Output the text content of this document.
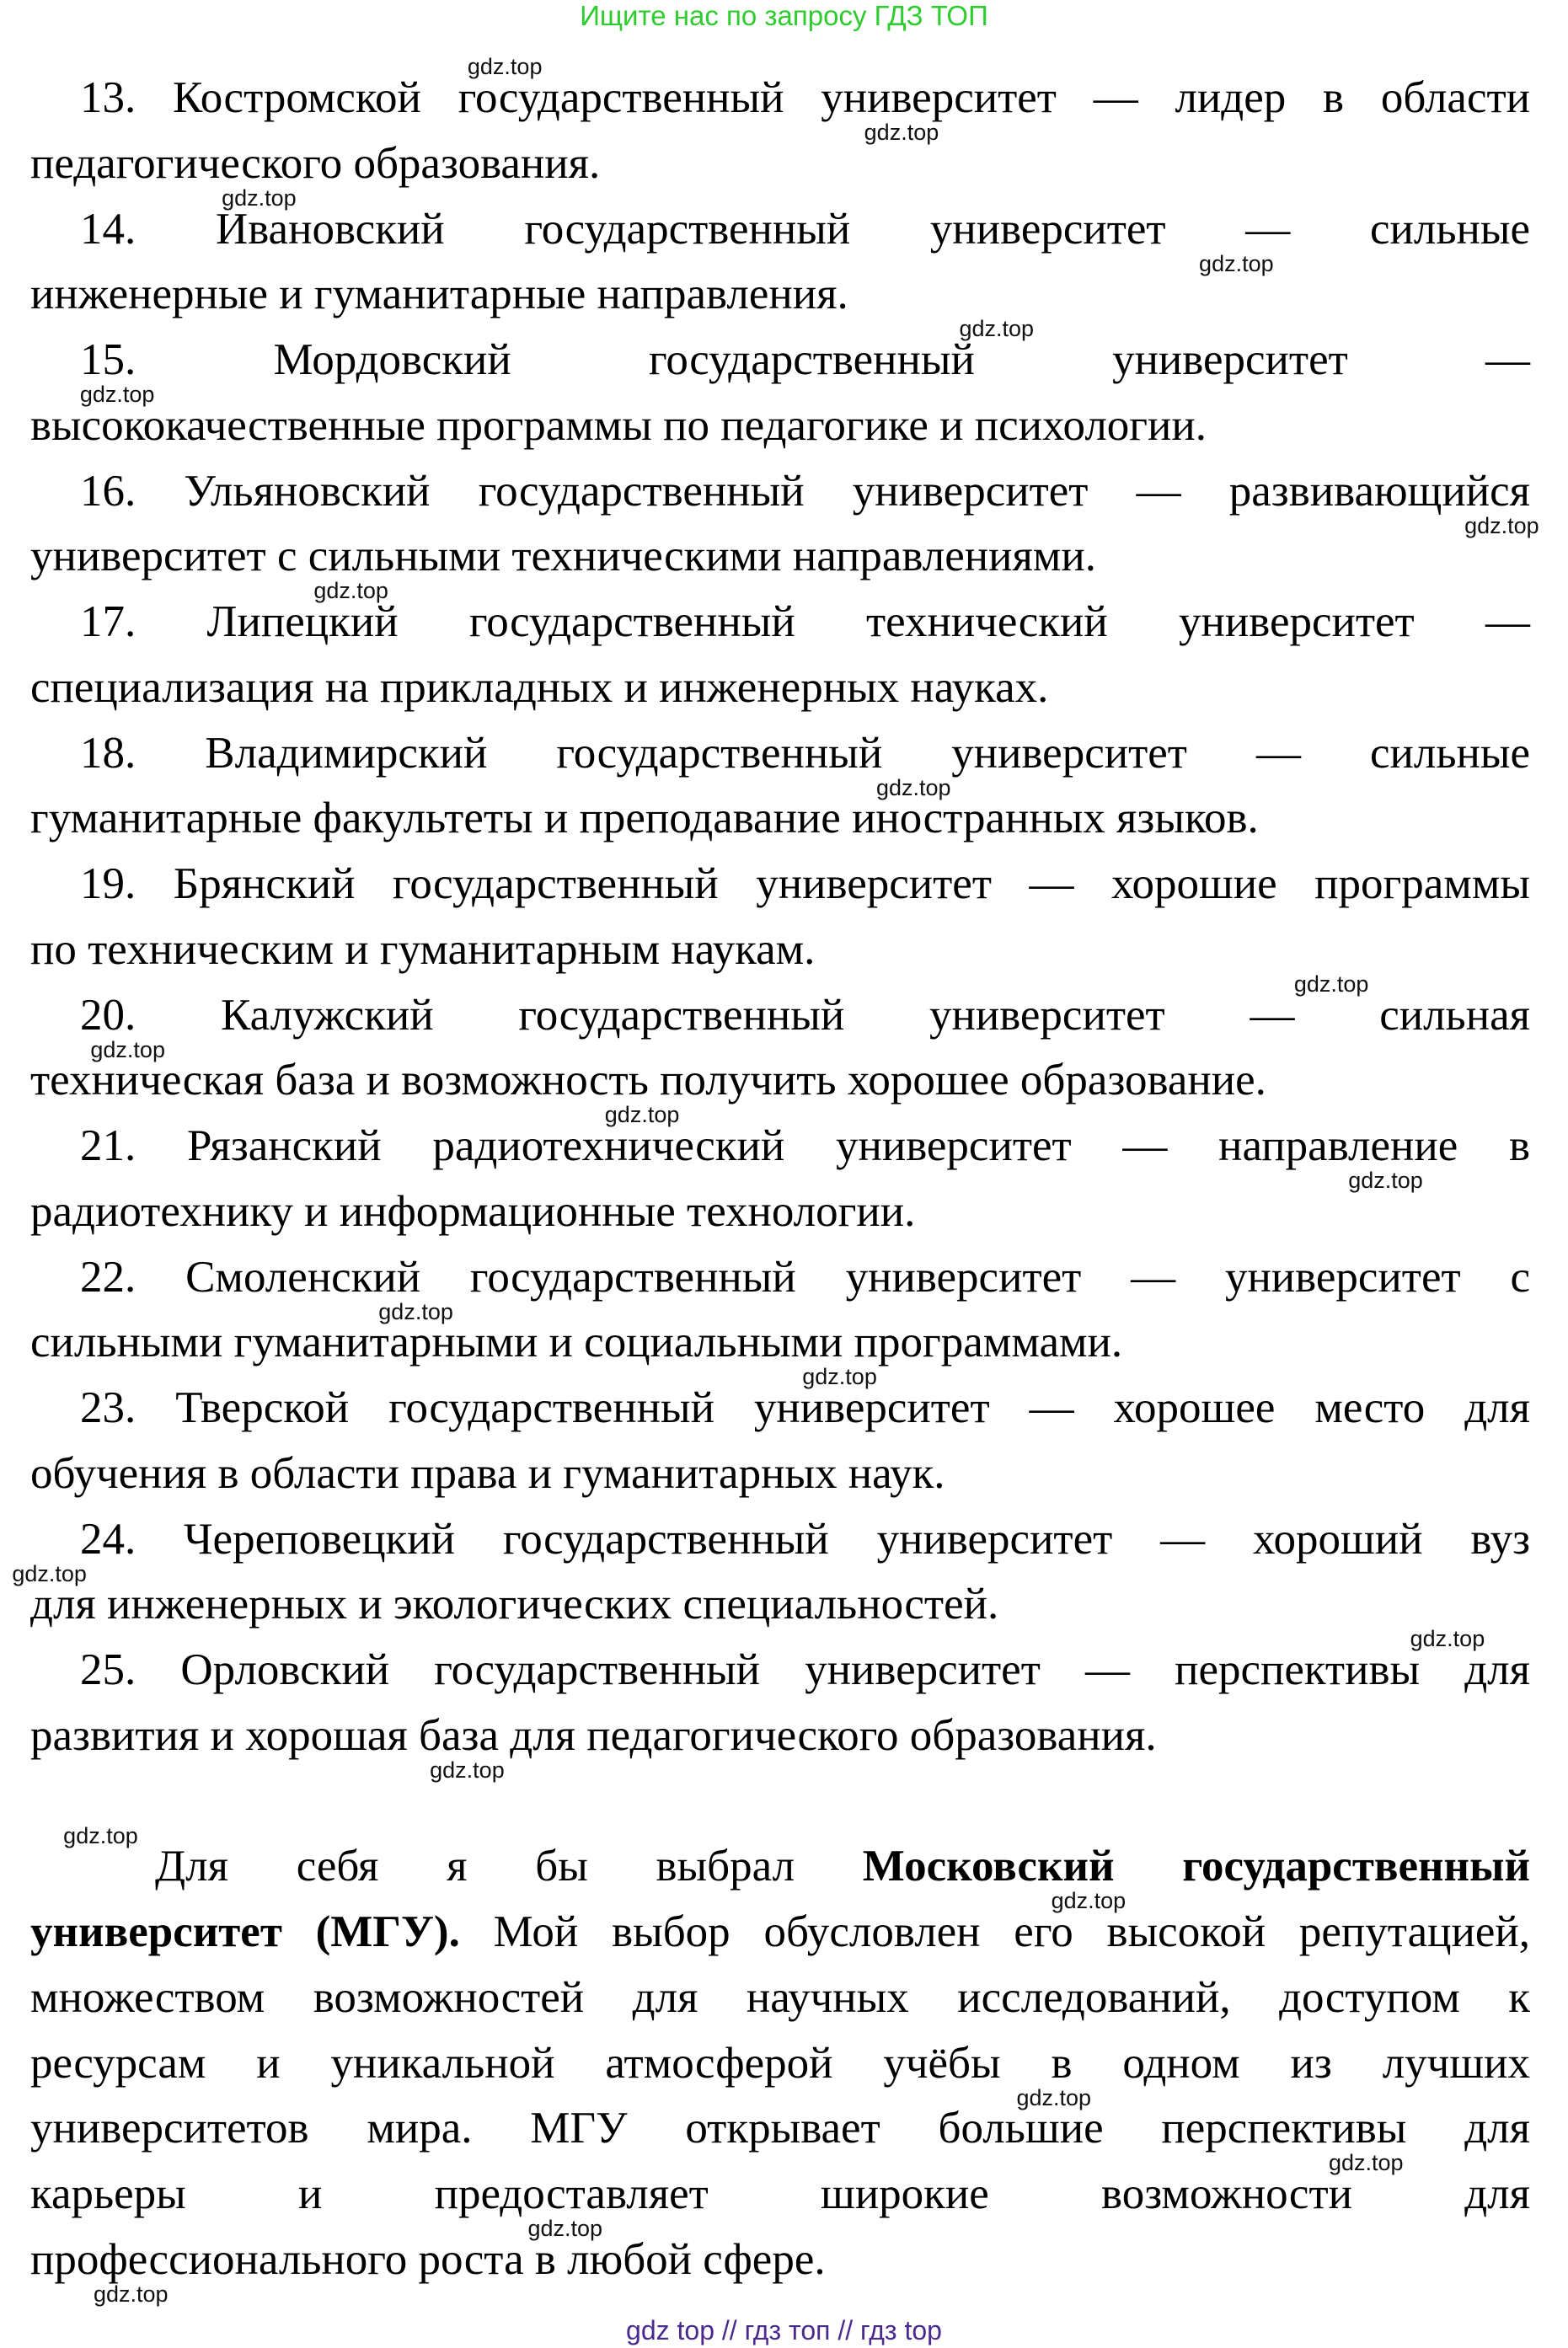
Ищите нас по запросу ГДЗ ТОП
13. Костромской государственный университет — лидер в области
педагогического образования.
14. Ивановский государственный университет — сильные
инженерные и гуманитарные направления.
15. Мордовский государственный университет —
высококачественные программы по педагогике и психологии.
16. Ульяновский государственный университет — развивающийся
университет с сильными техническими направлениями.
17. Липецкий государственный технический университет —
специализация на прикладных и инженерных науках.
18. Владимирский государственный университет — сильные
гуманитарные факультеты и преподавание иностранных языков.
19. Брянский государственный университет — хорошие программы
по техническим и гуманитарным наукам.
20. Калужский государственный университет — сильная
техническая база и возможность получить хорошее образование.
21. Рязанский радиотехнический университет — направление в
радиотехнику и информационные технологии.
22. Смоленский государственный университет — университет с
сильными гуманитарными и социальными программами.
23. Тверской государственный университет — хорошее место для
обучения в области права и гуманитарных наук.
24. Череповецкий государственный университет — хороший вуз
для инженерных и экологических специальностей.
25. Орловский государственный университет — перспективы для
развития и хорошая база для педагогического образования.
множеством возможностей для научных исследований, доступом к
ресурсам и уникальной атмосферой учёбы в одном из лучших
университетов мира. МГУ открывает большие перспективы для
карьеры и предоставляет широкие возможности для
профессионального роста в любой сфере.
Для себя я бы выбрал Московский государственный
университет (МГУ). Мой выбор обусловлен его высокой репутацией,
gdz.top
gdz.top
gdz.top
gdz.top
gdz.top
gdz.top
gdz.top
gdz.top
gdz.top
gdz.top
gdz.top
gdz.top
gdz.top
gdz.top
gdz.top
gdz.top
gdz.top
gdz.top
gdz.top
gdz.top
gdz.top
gdz.top
gdz.top
gdz.top
gdz top // гдз топ // гдз top
